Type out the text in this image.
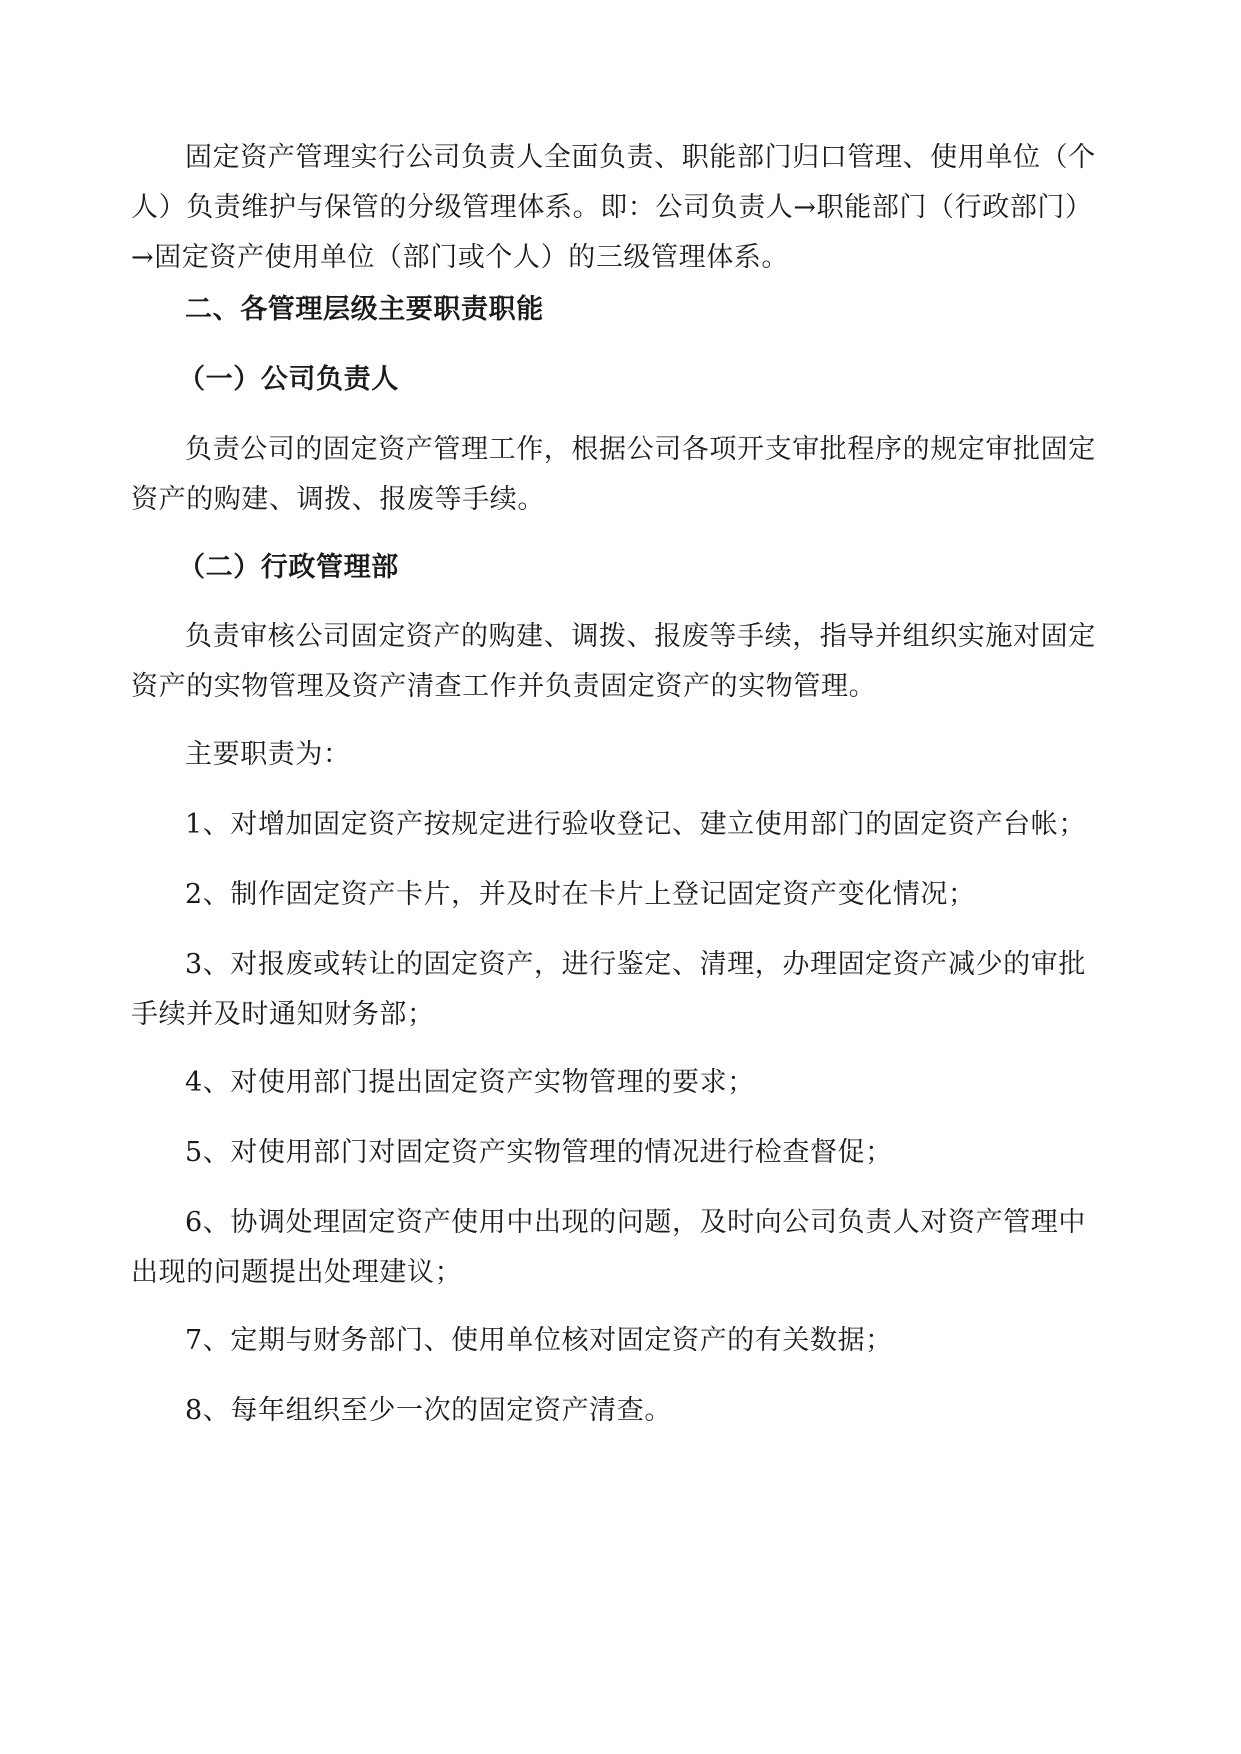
固定资产管理实行公司负责人全面负责、职能部门归口管理、使用单位（个人）负责维护与保管的分级管理体系。即：公司负责人→职能部门（行政部门）→固定资产使用单位（部门或个人）的三级管理体系。

二、各管理层级主要职责职能

（一）公司负责人

负责公司的固定资产管理工作，根据公司各项开支审批程序的规定审批固定资产的购建、调拨、报废等手续。

（二）行政管理部

负责审核公司固定资产的购建、调拨、报废等手续，指导并组织实施对固定资产的实物管理及资产清查工作并负责固定资产的实物管理。

主要职责为：

1、对增加固定资产按规定进行验收登记、建立使用部门的固定资产台帐；

2、制作固定资产卡片，并及时在卡片上登记固定资产变化情况；

3、对报废或转让的固定资产，进行鉴定、清理，办理固定资产减少的审批手续并及时通知财务部；

4、对使用部门提出固定资产实物管理的要求；

5、对使用部门对固定资产实物管理的情况进行检查督促；

6、协调处理固定资产使用中出现的问题，及时向公司负责人对资产管理中出现的问题提出处理建议；

7、定期与财务部门、使用单位核对固定资产的有关数据；

8、每年组织至少一次的固定资产清查。
